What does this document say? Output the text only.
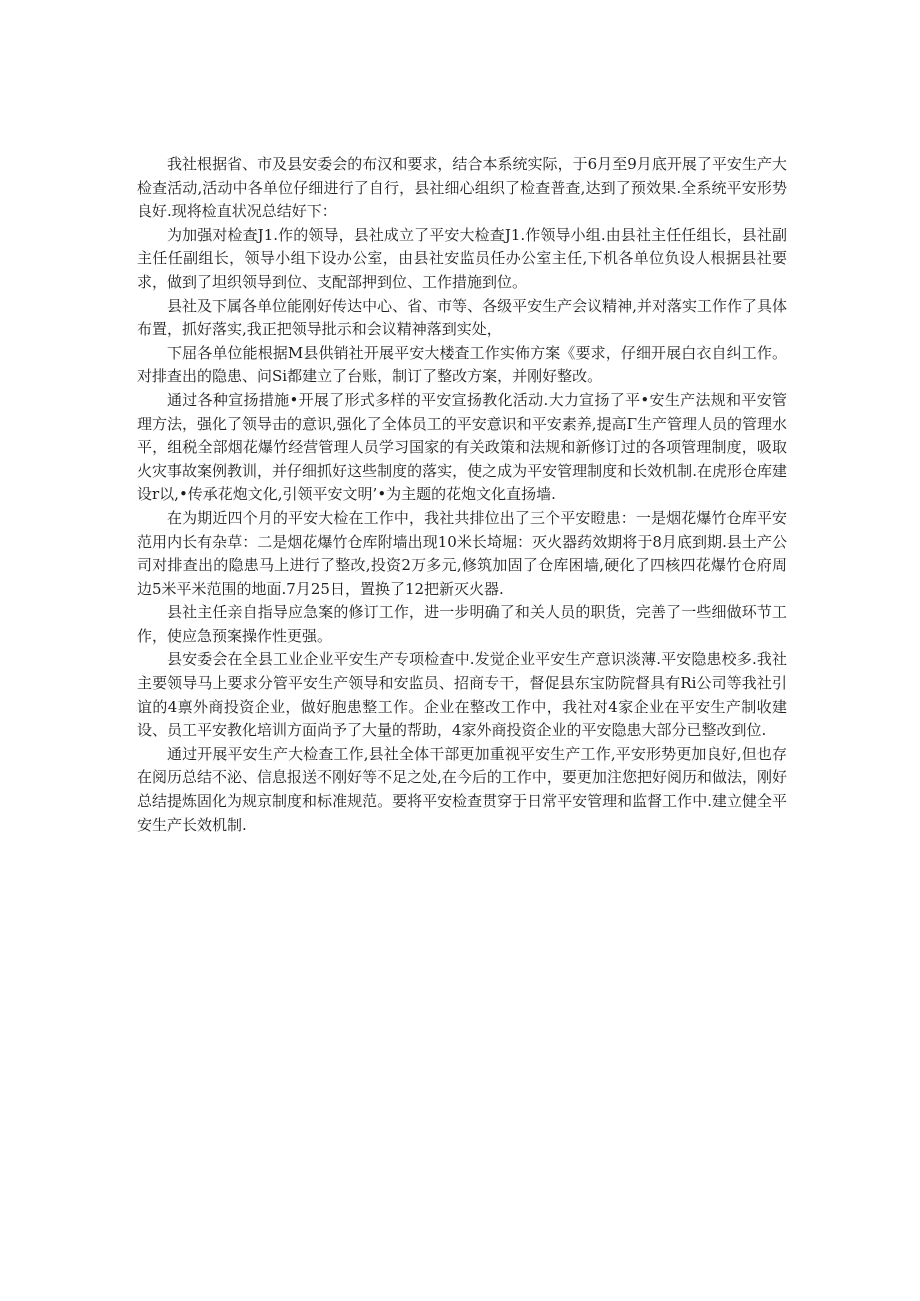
我社根据省、市及县安委会的布汉和要求，结合本系统实际，于6月至9月底开展了平安生产大检查活动,活动中各单位仔细进行了自行，县社细心组织了检查普查,达到了预效果.全系统平安形势良好.现将检直状况总结好下：

为加强对检查J1.作的领导，县社成立了平安大检查J1.作领导小组.由县社主任任组长，县社副主任任副组长，领导小组下设办公室，由县社安监员任办公室主任,下机各单位负设人根据县社要求，做到了坦织领导到位、支配部押到位、工作措施到位。

县社及下属各单位能刚好传达中心、省、市等、各级平安生产会议精神,并对落实工作作了具体布置，抓好落实,我正把领导批示和会议精神落到实处，

下屈各单位能根据M县供销社开展平安大楼査工作实佈方案《要求，仔细开展白衣自纠工作。对排查出的隐患、问Si都建立了台账，制订了整改方案，并刚好整改。

通过各种宣扬措施•开展了形式多样的平安宣扬教化活动.大力宣扬了平•安生产法规和平安管理方法，强化了领导击的意识,强化了全体员工的平安意识和平安素养,提高Γ生产管理人员的管理水平，组税全部烟花爆竹经营管理人员学习国家的有关政策和法规和新修订过的各项管理制度，吸取火灾事故案例教训，并仔细抓好这些制度的落实，使之成为平安管理制度和长效机制.在虎形仓库建设r以,•传承花炮文化,引领平安文明’•为主题的花炮文化直扬墙.

在为期近四个月的平安大检在工作中，我社共排位出了三个平安瞪患：一是烟花爆竹仓库平安范用内长有杂草：二是烟花爆竹仓库附墙出现10米长埼堀：灭火器药效期将于8月底到期.县土产公司对排查出的隐患马上进行了整改,投资2万多元,修筑加固了仓库困墙,硬化了四核四花爆竹仓府周边5米平米范围的地面.7月25日，置换了12把新灭火器.

县社主任亲自指导应急案的修订工作，进一步明确了和关人员的职货，完善了一些细做环节工作，使应急预案操作性更强。

县安委会在全县工业企业平安生产专项检查中.发觉企业平安生产意识淡薄.平安隐患校多.我社主要领导马上要求分管平安生产领导和安监员、招商专干，督促县东宝防院督具有Ri公司等我社引谊的4禀外商投资企业，做好胞患整工作。企业在整改工作中，我社对4家企业在平安生产制收建设、员工平安教化培训方面尚予了大量的帮助，4家外商投资企业的平安隐患大部分已整改到位.

通过开展平安生产大检查工作,县社全体干部更加重视平安生产工作,平安形势更加良好,但也存在阅历总结不泌、信息报送不刚好等不足之处,在今后的工作中，要更加注您把好阅历和做法，刚好总结提炼固化为规京制度和标准规范。要将平安检查贯穿于日常平安管理和监督工作中.建立健全平安生产长效机制.
